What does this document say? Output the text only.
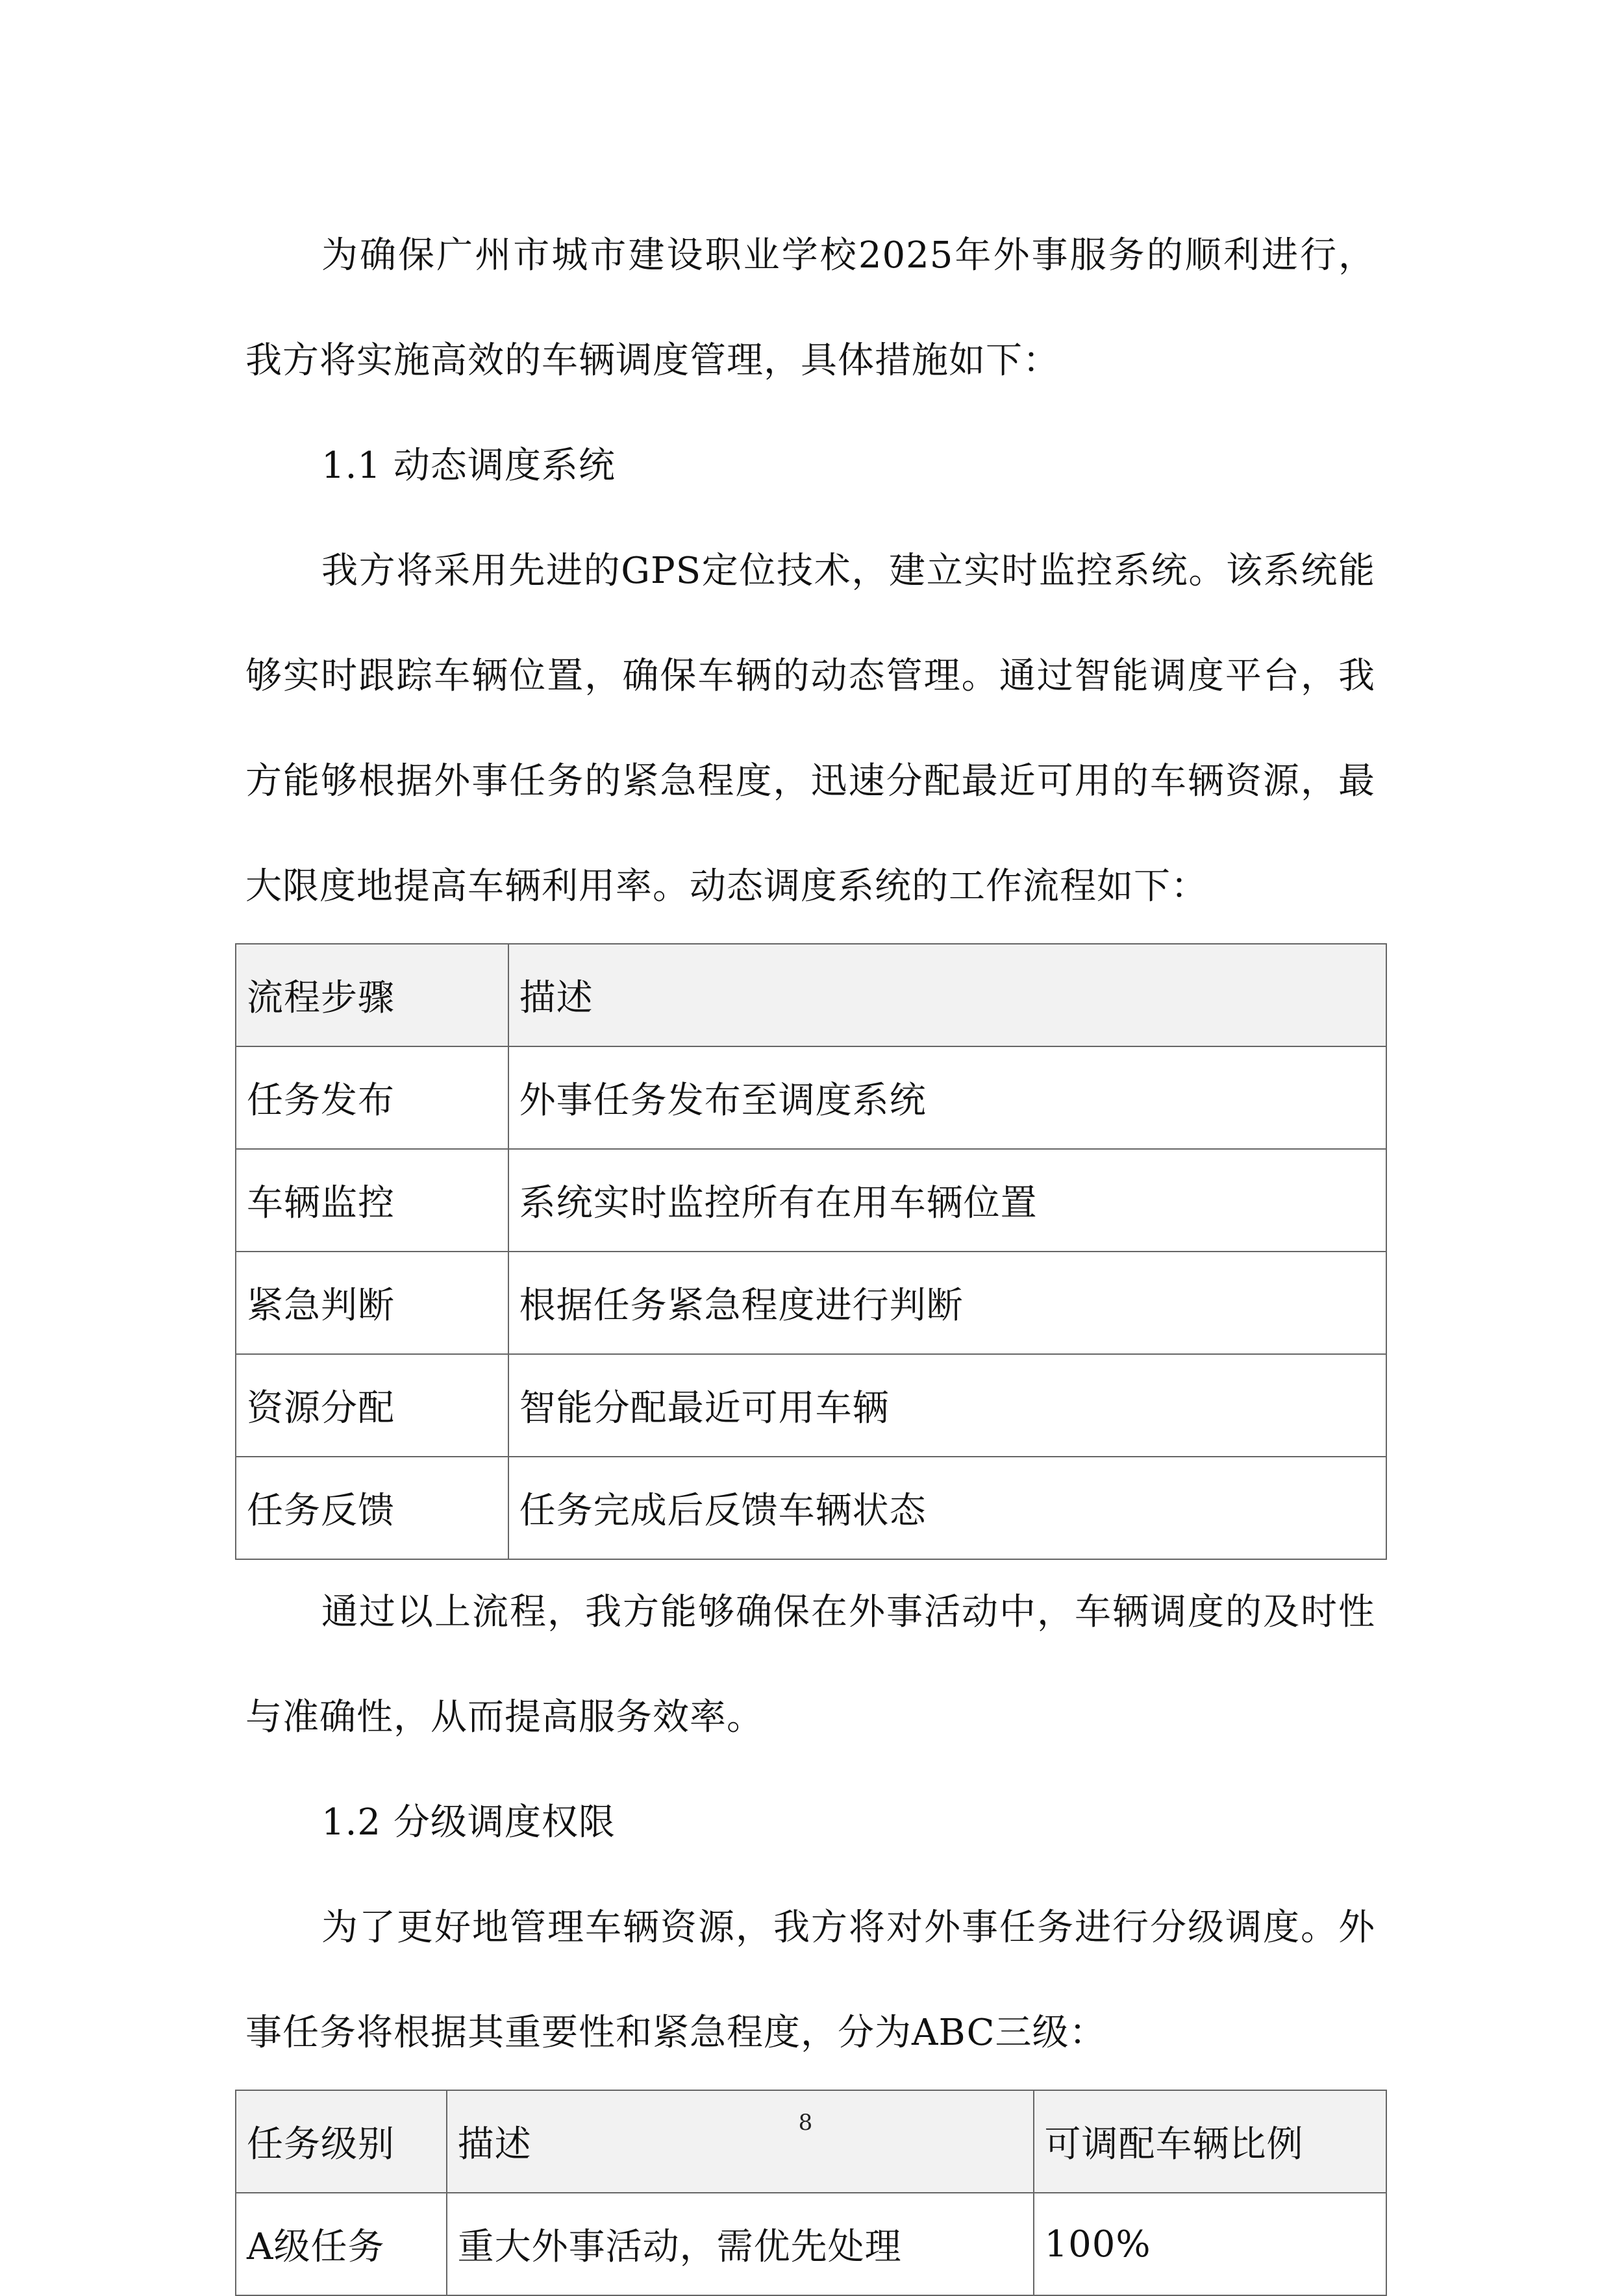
为确保广州市城市建设职业学校2025年外事服务的顺利进行，我方将实施高效的车辆调度管理，具体措施如下：

1.1 动态调度系统

我方将采用先进的GPS定位技术，建立实时监控系统。该系统能够实时跟踪车辆位置，确保车辆的动态管理。通过智能调度平台，我方能够根据外事任务的紧急程度，迅速分配最近可用的车辆资源，最大限度地提高车辆利用率。动态调度系统的工作流程如下：

流程步骤	描述
任务发布	外事任务发布至调度系统
车辆监控	系统实时监控所有在用车辆位置
紧急判断	根据任务紧急程度进行判断
资源分配	智能分配最近可用车辆
任务反馈	任务完成后反馈车辆状态

通过以上流程，我方能够确保在外事活动中，车辆调度的及时性与准确性，从而提高服务效率。

1.2 分级调度权限

为了更好地管理车辆资源，我方将对外事任务进行分级调度。外事任务将根据其重要性和紧急程度，分为ABC三级：

任务级别	描述	可调配车辆比例
A级任务	重大外事活动，需优先处理	100%
8
